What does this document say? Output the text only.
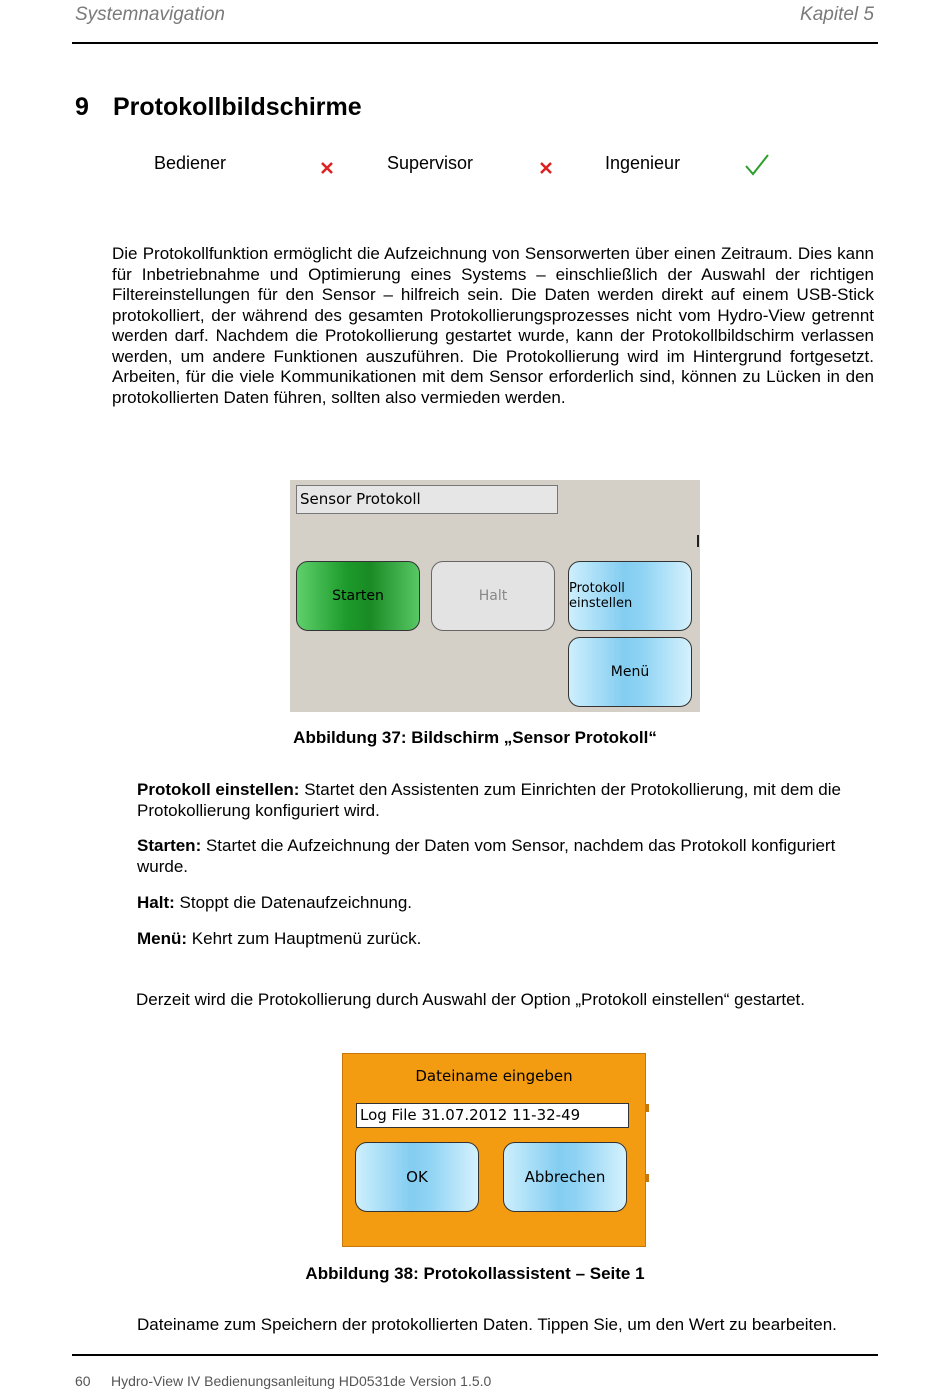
Systemnavigation	Kapitel 5
9 Protokollbildschirme
Bediener	Supervisor	Ingenieur

Die Protokollfunktion ermöglicht die Aufzeichnung von Sensorwerten über einen Zeitraum. Dies kann für Inbetriebnahme und Optimierung eines Systems – einschließlich der Auswahl der richtigen Filtereinstellungen für den Sensor – hilfreich sein. Die Daten werden direkt auf einem USB-Stick protokolliert, der während des gesamten Protokollierungsprozesses nicht vom Hydro-View getrennt werden darf. Nachdem die Protokollierung gestartet wurde, kann der Protokollbildschirm verlassen werden, um andere Funktionen auszuführen. Die Protokollierung wird im Hintergrund fortgesetzt. Arbeiten, für die viele Kommunikationen mit dem Sensor erforderlich sind, können zu Lücken in den protokollierten Daten führen, sollten also vermieden werden.

Sensor Protokoll
Starten	Halt	Protokoll einstellen
Menü
Abbildung 37: Bildschirm „Sensor Protokoll“

Protokoll einstellen: Startet den Assistenten zum Einrichten der Protokollierung, mit dem die Protokollierung konfiguriert wird.

Starten: Startet die Aufzeichnung der Daten vom Sensor, nachdem das Protokoll konfiguriert wurde.

Halt: Stoppt die Datenaufzeichnung.

Menü: Kehrt zum Hauptmenü zurück.

Derzeit wird die Protokollierung durch Auswahl der Option „Protokoll einstellen“ gestartet.
Dateiname eingeben
Log File 31.07.2012 11-32-49
OK	Abbrechen
Abbildung 38: Protokollassistent – Seite 1
Dateiname zum Speichern der protokollierten Daten. Tippen Sie, um den Wert zu bearbeiten.
60 Hydro-View IV Bedienungsanleitung HD0531de Version 1.5.0
